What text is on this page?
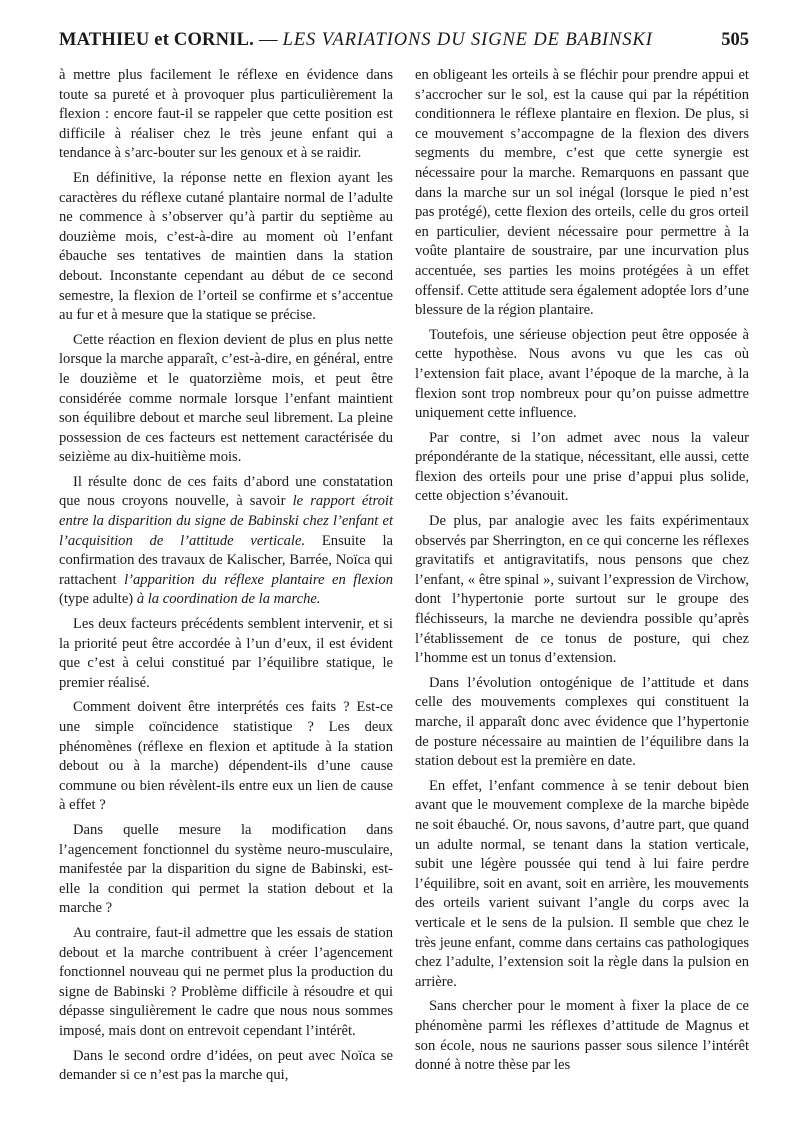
MATHIEU et CORNIL. — LES VARIATIONS DU SIGNE DE BABINSKI	505

à mettre plus facilement le réflexe en évidence dans toute sa pureté et à provoquer plus particulièrement la flexion : encore faut-il se rappeler que cette position est difficile à réaliser chez le très jeune enfant qui a tendance à s’arc-bouter sur les genoux et à se raidir.

En définitive, la réponse nette en flexion ayant les caractères du réflexe cutané plantaire normal de l’adulte ne commence à s’observer qu’à partir du septième au douzième mois, c’est-à-dire au moment où l’enfant ébauche ses tentatives de maintien dans la station debout. Inconstante cependant au début de ce second semestre, la flexion de l’orteil se confirme et s’accentue au fur et à mesure que la statique se précise.

Cette réaction en flexion devient de plus en plus nette lorsque la marche apparaît, c’est-à-dire, en général, entre le douzième et le quatorzième mois, et peut être considérée comme normale lorsque l’enfant maintient son équilibre debout et marche seul librement. La pleine possession de ces facteurs est nettement caractérisée du seizième au dix-huitième mois.

Il résulte donc de ces faits d’abord une constatation que nous croyons nouvelle, à savoir le rapport étroit entre la disparition du signe de Babinski chez l’enfant et l’acquisition de l’attitude verticale. Ensuite la confirmation des travaux de Kalischer, Barrée, Noïca qui rattachent l’apparition du réflexe plantaire en flexion (type adulte) à la coordination de la marche.

Les deux facteurs précédents semblent intervenir, et si la priorité peut être accordée à l’un d’eux, il est évident que c’est à celui constitué par l’équilibre statique, le premier réalisé.

Comment doivent être interprétés ces faits ? Est-ce une simple coïncidence statistique ? Les deux phénomènes (réflexe en flexion et aptitude à la station debout ou à la marche) dépendent-ils d’une cause commune ou bien révèlent-ils entre eux un lien de cause à effet ?

Dans quelle mesure la modification dans l’agencement fonctionnel du système neuro-musculaire, manifestée par la disparition du signe de Babinski, est-elle la condition qui permet la station debout et la marche ?

Au contraire, faut-il admettre que les essais de station debout et la marche contribuent à créer l’agencement fonctionnel nouveau qui ne permet plus la production du signe de Babinski ? Problème difficile à résoudre et qui dépasse singulièrement le cadre que nous nous sommes imposé, mais dont on entrevoit cependant l’intérêt.

Dans le second ordre d’idées, on peut avec Noïca se demander si ce n’est pas la marche qui,

en obligeant les orteils à se fléchir pour prendre appui et s’accrocher sur le sol, est la cause qui par la répétition conditionnera le réflexe plantaire en flexion. De plus, si ce mouvement s’accompagne de la flexion des divers segments du membre, c’est que cette synergie est nécessaire pour la marche. Remarquons en passant que dans la marche sur un sol inégal (lorsque le pied n’est pas protégé), cette flexion des orteils, celle du gros orteil en particulier, devient nécessaire pour permettre à la voûte plantaire de soustraire, par une incurvation plus accentuée, ses parties les moins protégées à un effet offensif. Cette attitude sera également adoptée lors d’une blessure de la région plantaire.

Toutefois, une sérieuse objection peut être opposée à cette hypothèse. Nous avons vu que les cas où l’extension fait place, avant l’époque de la marche, à la flexion sont trop nombreux pour qu’on puisse admettre uniquement cette influence.

Par contre, si l’on admet avec nous la valeur prépondérante de la statique, nécessitant, elle aussi, cette flexion des orteils pour une prise d’appui plus solide, cette objection s’évanouit.

De plus, par analogie avec les faits expérimentaux observés par Sherrington, en ce qui concerne les réflexes gravitatifs et antigravitatifs, nous pensons que chez l’enfant, « être spinal », suivant l’expression de Virchow, dont l’hypertonie porte surtout sur le groupe des fléchisseurs, la marche ne deviendra possible qu’après l’établissement de ce tonus de posture, qui chez l’homme est un tonus d’extension.

Dans l’évolution ontogénique de l’attitude et dans celle des mouvements complexes qui constituent la marche, il apparaît donc avec évidence que l’hypertonie de posture nécessaire au maintien de l’équilibre dans la station debout est la première en date.

En effet, l’enfant commence à se tenir debout bien avant que le mouvement complexe de la marche bipède ne soit ébauché. Or, nous savons, d’autre part, que quand un adulte normal, se tenant dans la station verticale, subit une légère poussée qui tend à lui faire perdre l’équilibre, soit en avant, soit en arrière, les mouvements des orteils varient suivant l’angle du corps avec la verticale et le sens de la pulsion. Il semble que chez le très jeune enfant, comme dans certains cas pathologiques chez l’adulte, l’extension soit la règle dans la pulsion en arrière.

Sans chercher pour le moment à fixer la place de ce phénomène parmi les réflexes d’attitude de Magnus et son école, nous ne saurions passer sous silence l’intérêt donné à notre thèse par les
